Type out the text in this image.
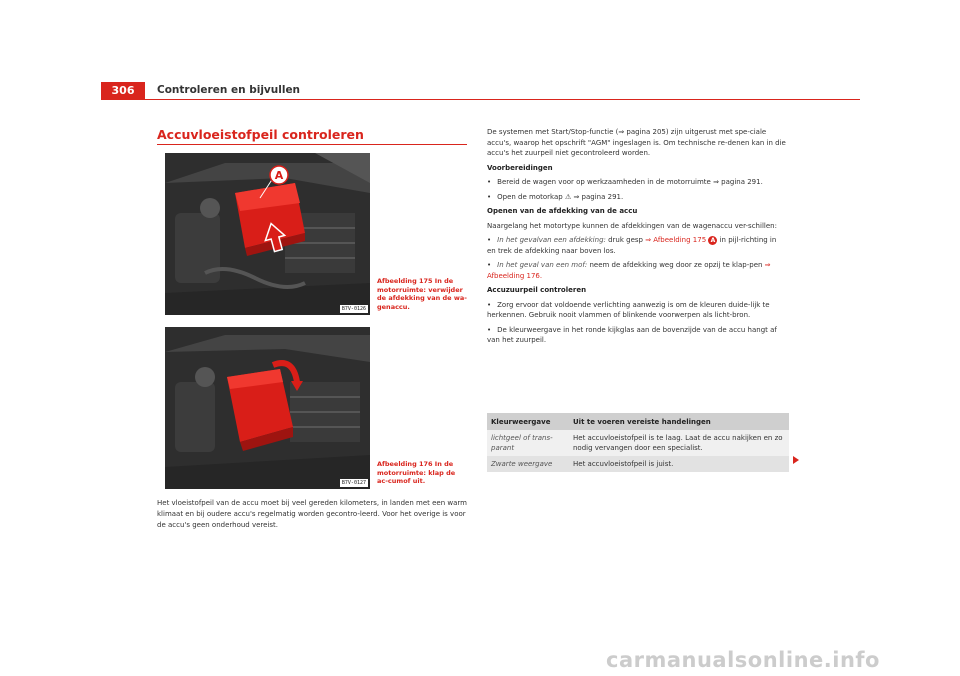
306	Controleren en bijvullen
Accuvloeistofpeil controleren
A
B7V-0126
Afbeelding 175 In de motorruimte: verwijder de afdekking van de wa-genaccu.
B7V-0127
Afbeelding 176 In de motorruimte: klap de ac-cumof uit.
Het vloeistofpeil van de accu moet bij veel gereden kilometers, in landen met een warm klimaat en bij oudere accu's regelmatig worden gecontro-leerd. Voor het overige is voor de accu's geen onderhoud vereist.

De systemen met Start/Stop-functie (⇒ pagina 205) zijn uitgerust met spe-ciale accu's, waarop het opschrift "AGM" ingeslagen is. Om technische re-denen kan in die accu's het zuurpeil niet gecontroleerd worden.

Voorbereidingen

• Bereid de wagen voor op werkzaamheden in de motorruimte ⇒ pagina 291.

• Open de motorkap ⚠ ⇒ pagina 291.

Openen van de afdekking van de accu

Naargelang het motortype kunnen de afdekkingen van de wagenaccu ver-schillen:

• In het gevalvan een afdekking: druk gesp ⇒ Afbeelding 175 A in pijl-richting in en trek de afdekking naar boven los.

• In het geval van een mof: neem de afdekking weg door ze opzij te klap-pen ⇒ Afbeelding 176.

Accuzuurpeil controleren

• Zorg ervoor dat voldoende verlichting aanwezig is om de kleuren duide-lijk te herkennen. Gebruik nooit vlammen of blinkende voorwerpen als licht-bron.

• De kleurweergave in het ronde kijkglas aan de bovenzijde van de accu hangt af van het zuurpeil.

Kleurweergave	Uit te voeren vereiste handelingen
lichtgeel of trans-parant	Het accuvloeistofpeil is te laag. Laat de accu nakijken en zo nodig vervangen door een specialist.
Zwarte weergave	Het accuvloeistofpeil is juist.
carmanualsonline.info
